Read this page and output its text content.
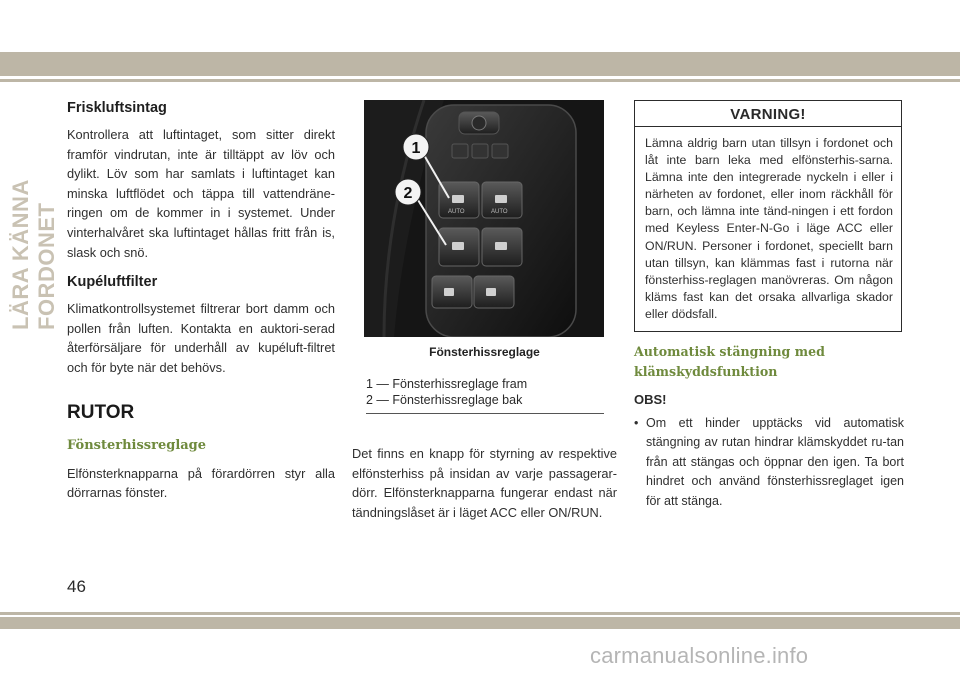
LÄRA KÄNNA FORDONET
Friskluftsintag

Kontrollera att luftintaget, som sitter direkt framför vindrutan, inte är tilltäppt av löv och dylikt. Löv som har samlats i luftintaget kan minska luftflödet och täppa till vattendräne-ringen om de kommer in i systemet. Under vinterhalvåret ska luftintaget hållas fritt från is, slask och snö.

Kupéluftfilter

Klimatkontrollsystemet filtrerar bort damm och pollen från luften. Kontakta en auktori-serad återförsäljare för underhåll av kupéluft-filtret och för byte när det behövs.

RUTOR
Fönsterhissreglage

Elfönsterknapparna på förardörren styr alla dörrarnas fönster.

AUTO	AUTO
1
2
Fönsterhissreglage
1 — Fönsterhissreglage fram
2 — Fönsterhissreglage bak

Det finns en knapp för styrning av respektive elfönsterhiss på insidan av varje passagerar-dörr. Elfönsterknapparna fungerar endast när tändningslåset är i läget ACC eller ON/RUN.

VARNING!
Lämna aldrig barn utan tillsyn i fordonet och låt inte barn leka med elfönsterhis-sarna. Lämna inte den integrerade nyckeln i eller i närheten av fordonet, eller inom räckhåll för barn, och lämna inte tänd-ningen i ett fordon med Keyless Enter-N-Go i läge ACC eller ON/RUN. Personer i fordonet, speciellt barn utan tillsyn, kan klämmas fast i rutorna när fönsterhiss-reglagen manövreras. Om någon kläms fast kan det orsaka allvarliga skador eller dödsfall.
Automatisk stängning med
klämskyddsfunktion
OBS!
• Om ett hinder upptäcks vid automatisk stängning av rutan hindrar klämskyddet ru-tan från att stängas och öppnar den igen. Ta bort hindret och använd fönsterhissreglaget igen för att stänga.
46
carmanualsonline.info
